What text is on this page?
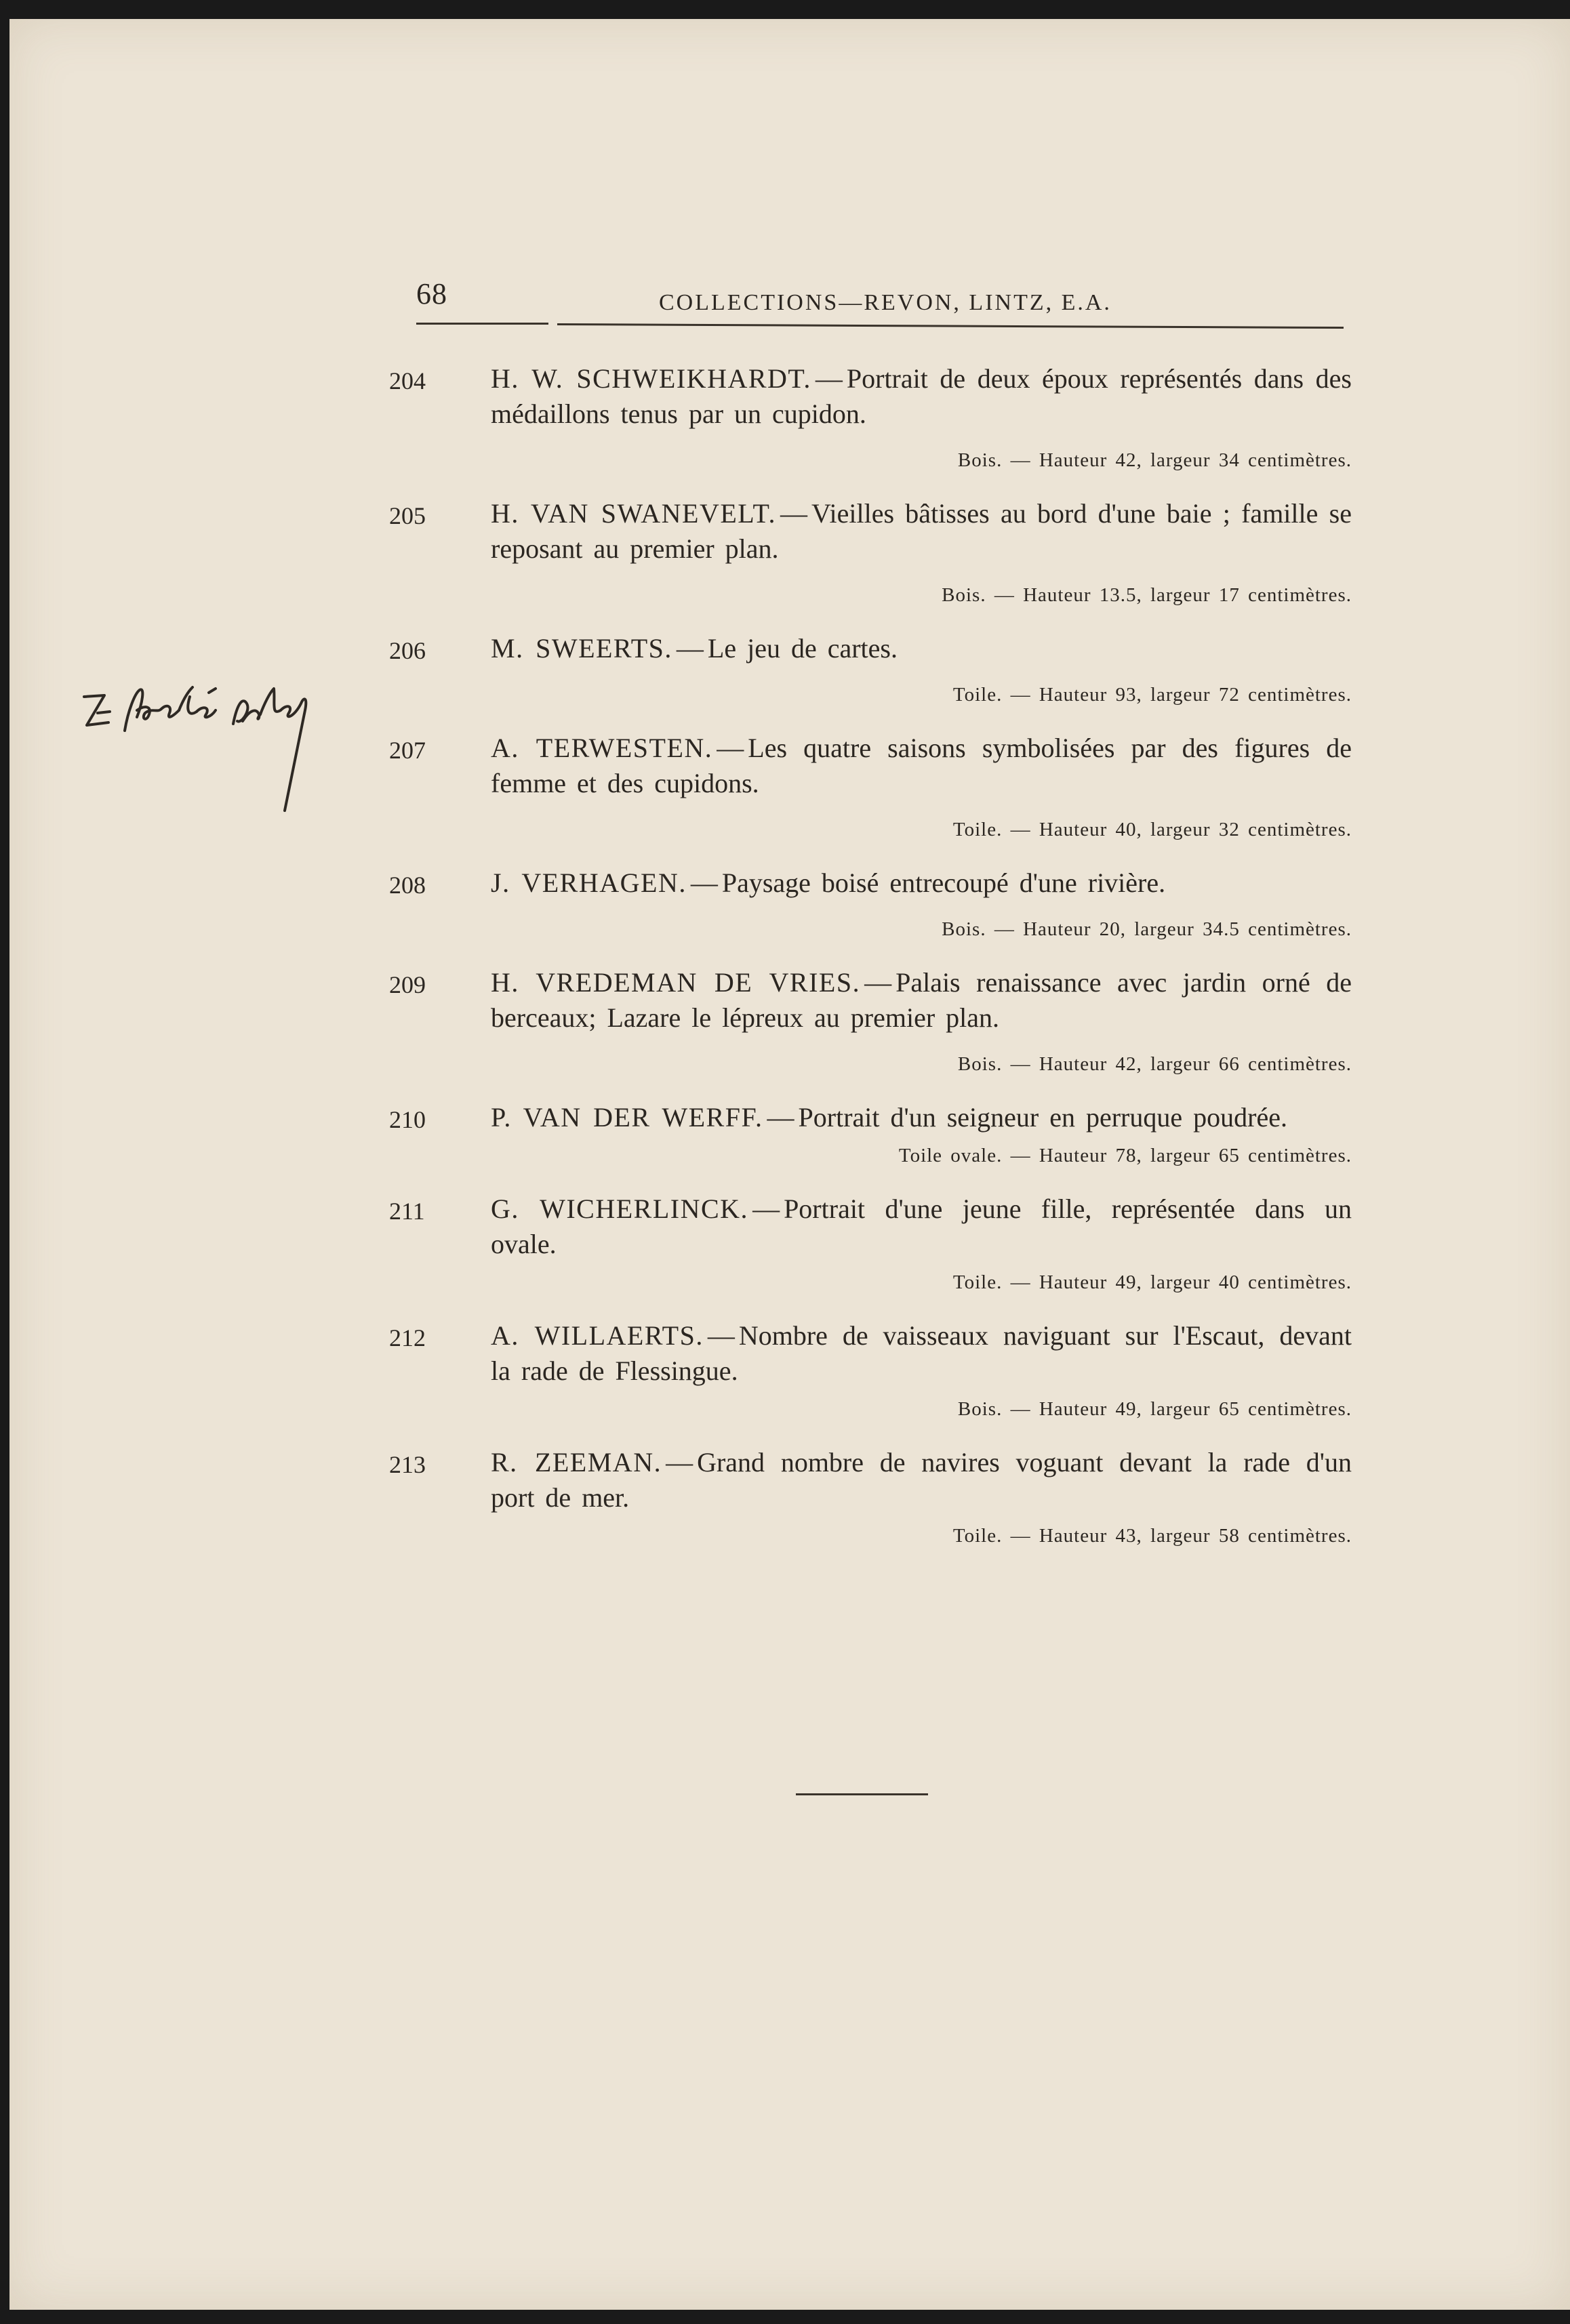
68	COLLECTIONS—REVON, LINTZ, E.A.
204	H. W. SCHWEIKHARDT. — Portrait de deux époux représentés dans des médaillons tenus par un cupidon.
Bois. — Hauteur 42, largeur 34 centimètres.
205	H. VAN SWANEVELT. — Vieilles bâtisses au bord d'une baie ; famille se reposant au premier plan.
Bois. — Hauteur 13.5, largeur 17 centimètres.
206	M. SWEERTS. — Le jeu de cartes.
Toile. — Hauteur 93, largeur 72 centimètres.
207	A. TERWESTEN. — Les quatre saisons symbolisées par des figures de femme et des cupidons.
Toile. — Hauteur 40, largeur 32 centimètres.
208	J. VERHAGEN. — Paysage boisé entrecoupé d'une rivière.
Bois. — Hauteur 20, largeur 34.5 centimètres.
209	H. VREDEMAN DE VRIES. — Palais renaissance avec jardin orné de berceaux; Lazare le lépreux au premier plan.
Bois. — Hauteur 42, largeur 66 centimètres.
210	P. VAN DER WERFF. — Portrait d'un seigneur en perruque poudrée.
Toile ovale. — Hauteur 78, largeur 65 centimètres.
211	G. WICHERLINCK. — Portrait d'une jeune fille, représentée dans un ovale.
Toile. — Hauteur 49, largeur 40 centimètres.
212	A. WILLAERTS. — Nombre de vaisseaux naviguant sur l'Escaut, devant la rade de Flessingue.
Bois. — Hauteur 49, largeur 65 centimètres.
213	R. ZEEMAN. — Grand nombre de navires voguant devant la rade d'un port de mer.
Toile. — Hauteur 43, largeur 58 centimètres.
